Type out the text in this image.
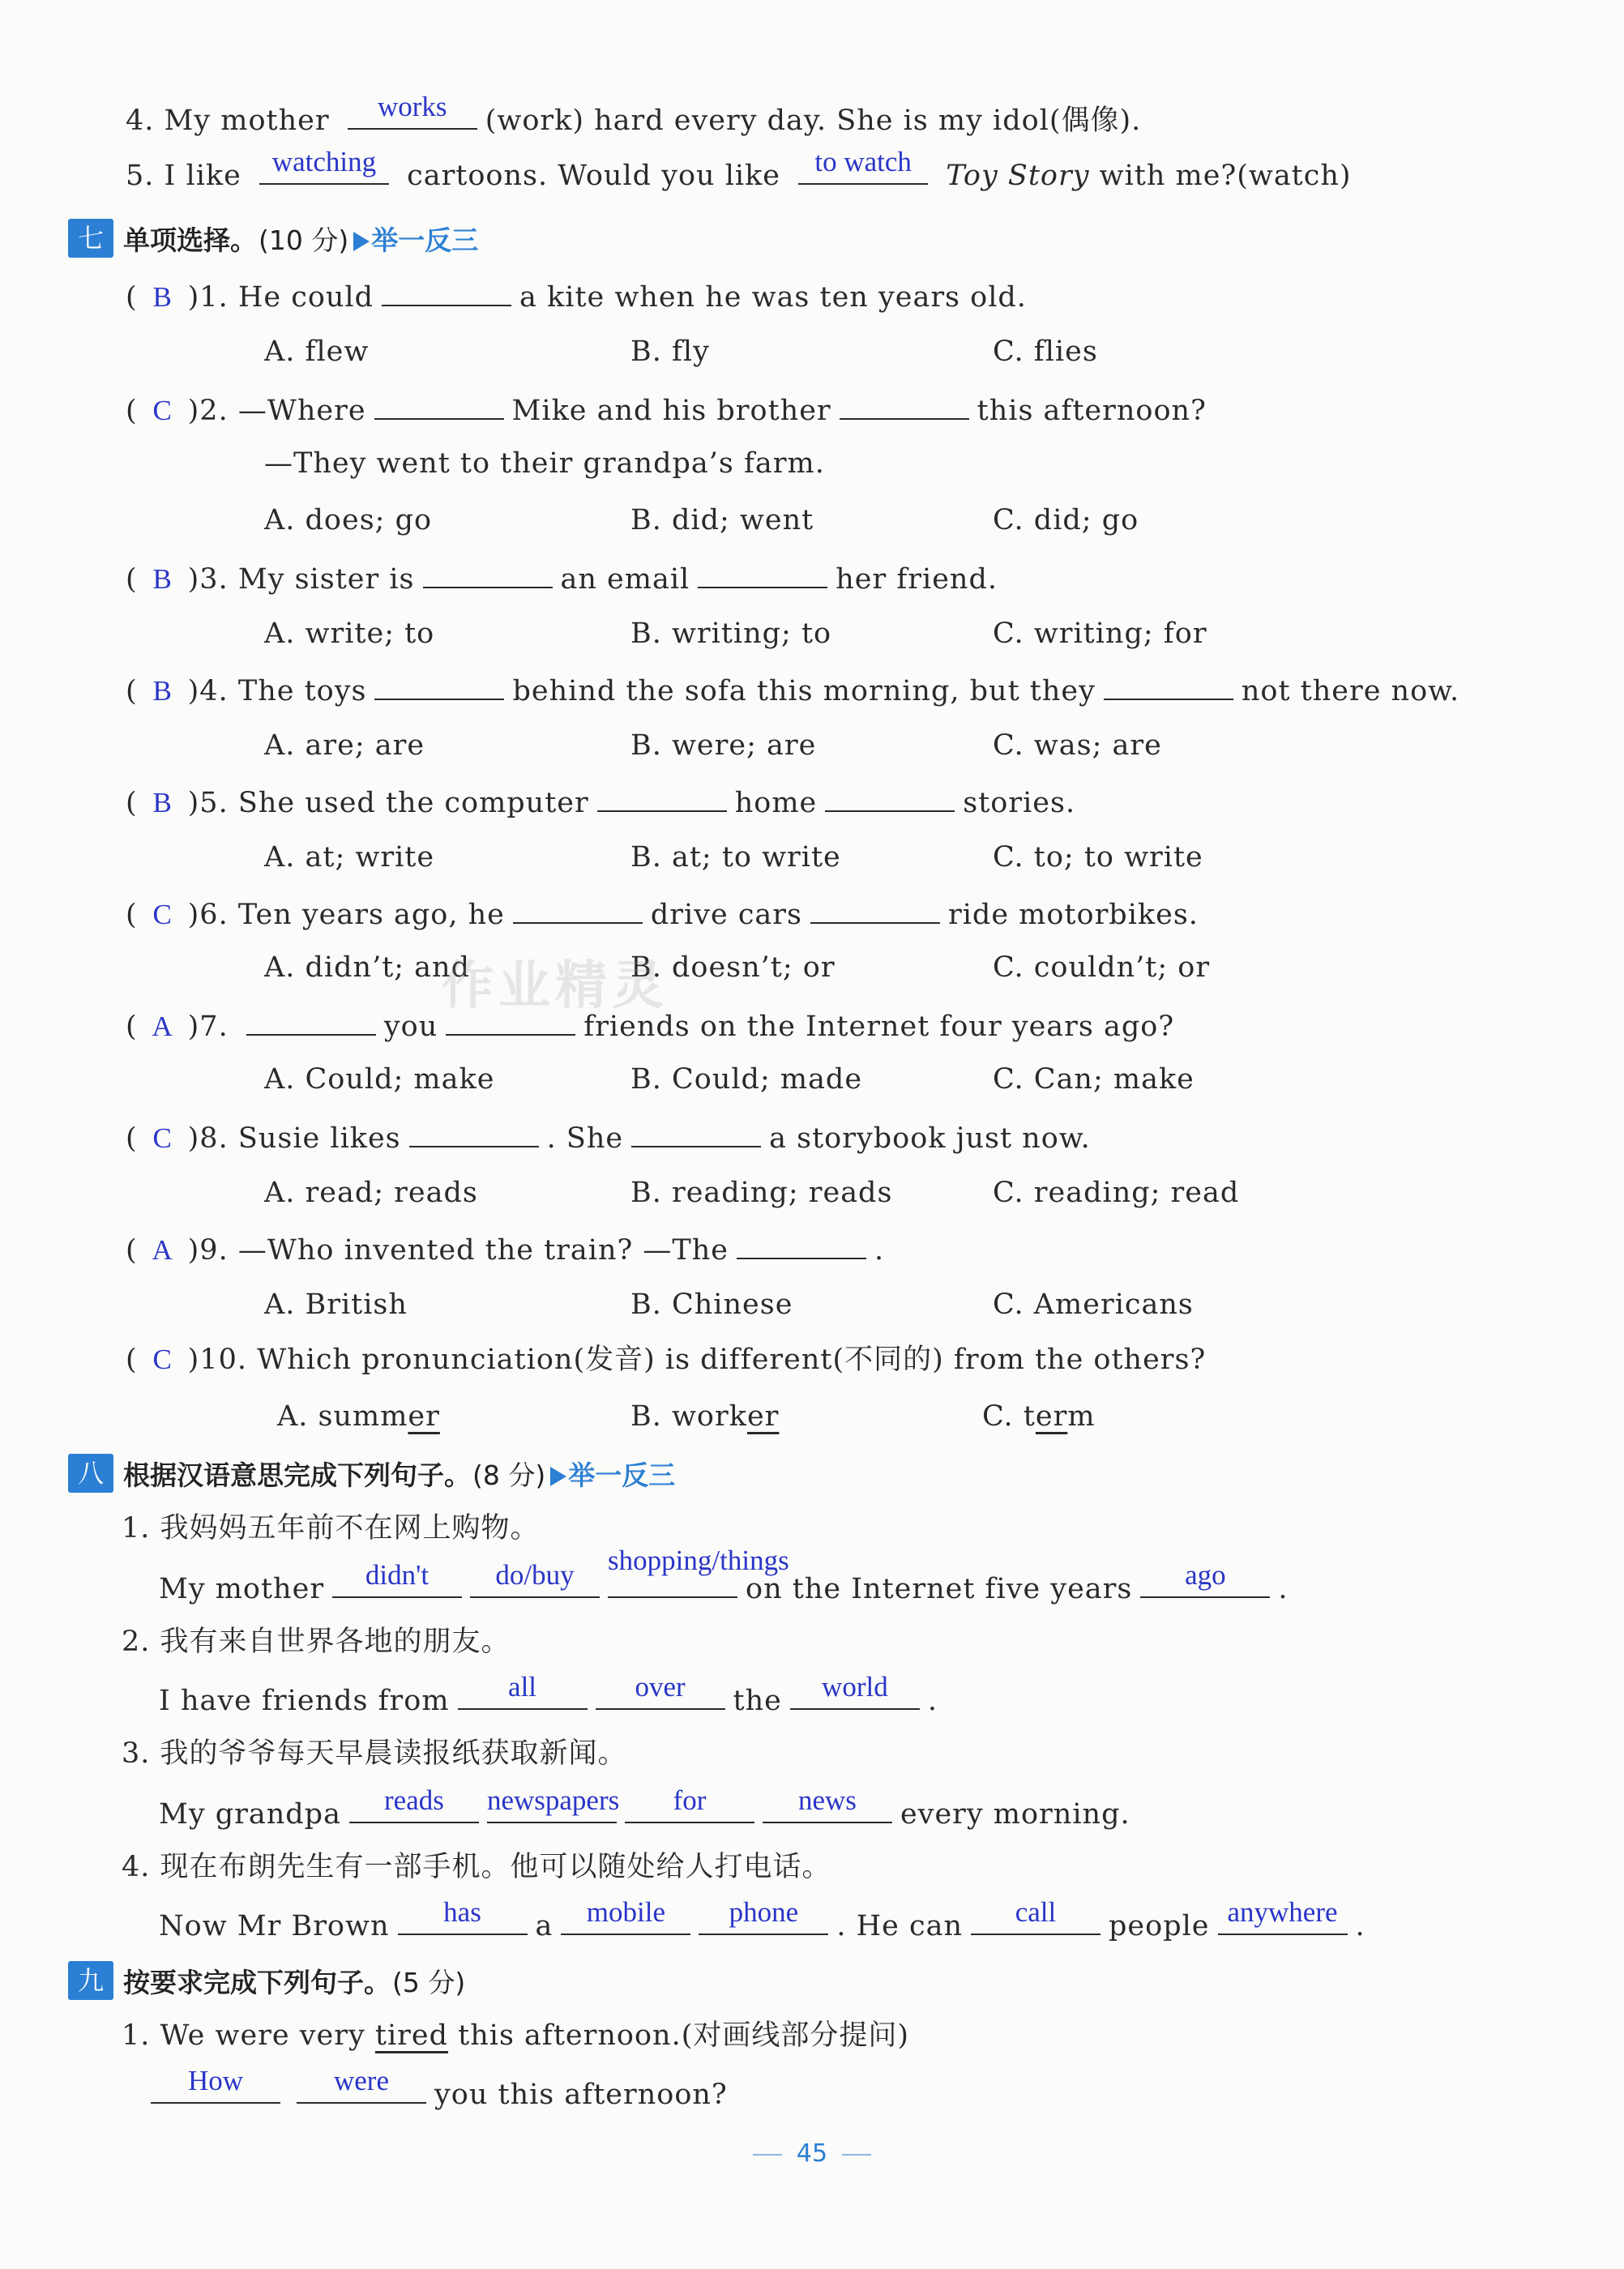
4. My mother	works	(work) hard every day. She is my idol(偶像).
5. I like	watching	cartoons. Would you like	to watch	Toy Story with me?(watch)
七 单项选择。 (10 分) 举一反三
﻿
( B )1. He could	a kite when he was ten years old.
A. flew	B. fly	C. flies
( C )2. —Where	Mike and his brother	this afternoon?
—They went to their grandpa’s farm.
A. does; go	B. did; went	C. did; go
( B )3. My sister is	an email	her friend.
A. write; to	B. writing; to	C. writing; for
( B )4. The toys	behind the sofa this morning, but they	not there now.
A. are; are	B. were; are	C. was; are
( B )5. She used the computer	home	stories.
A. at; write	B. at; to write	C. to; to write
( C )6. Ten years ago, he	drive cars	ride motorbikes.
A. didn’t; and	B. doesn’t; or	C. couldn’t; or
作业精灵
( A )7.	you	friends on the Internet four years ago?
A. Could; make	B. Could; made	C. Can; make
( C )8. Susie likes	. She	a storybook just now.
A. read; reads	B. reading; reads	C. reading; read
( A )9. —Who invented the train? —The	.
A. British	B. Chinese	C. Americans
( C )10. Which pronunciation(发音) is different(不同的) from the others?
A. summer	B. worker	C. term
八 根据汉语意思完成下列句子。 (8 分) 举一反三
1. 我妈妈五年前不在网上购物。
My mother	didn't	do/buy	shopping/things
on the Internet five years	ago	.
2. 我有来自世界各地的朋友。
I have friends from	all	over	the	world	.
3. 我的爷爷每天早晨读报纸获取新闻。
My grandpa	reads	newspapers	for	news	every morning.
4. 现在布朗先生有一部手机。他可以随处给人打电话。
Now Mr Brown	has	a	mobile	phone	. He can	call	people anywhere .
九 按要求完成下列句子。 (5 分)
1. We were very tired this afternoon.(对画线部分提问)
How	were	you this afternoon?
45
